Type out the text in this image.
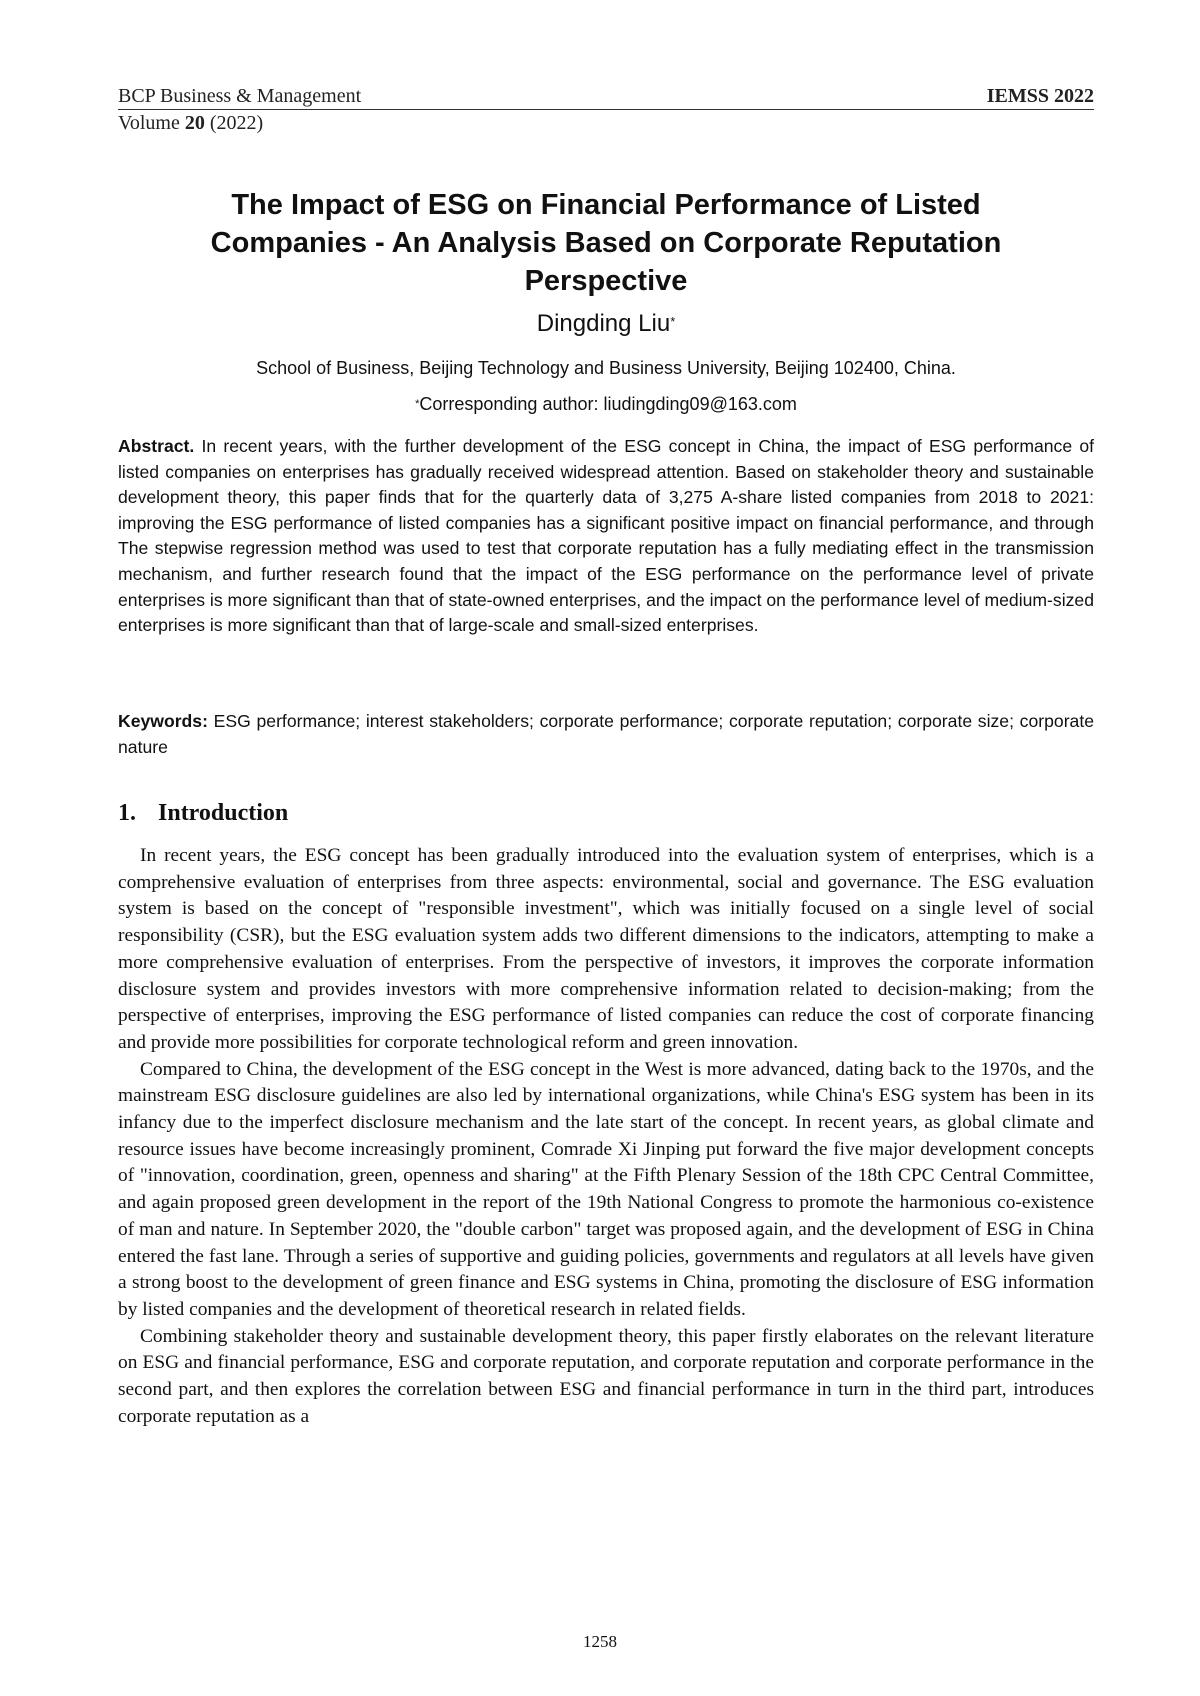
BCP Business & Management	IEMSS 2022
Volume 20 (2022)
The Impact of ESG on Financial Performance of Listed
Companies - An Analysis Based on Corporate Reputation
Perspective
Dingding Liu*
School of Business, Beijing Technology and Business University, Beijing 102400, China.
*Corresponding author: liudingding09@163.com
Abstract. In recent years, with the further development of the ESG concept in China, the impact of ESG performance of listed companies on enterprises has gradually received widespread attention. Based on stakeholder theory and sustainable development theory, this paper finds that for the quarterly data of 3,275 A-share listed companies from 2018 to 2021: improving the ESG performance of listed companies has a significant positive impact on financial performance, and through The stepwise regression method was used to test that corporate reputation has a fully mediating effect in the transmission mechanism, and further research found that the impact of the ESG performance on the performance level of private enterprises is more significant than that of state-owned enterprises, and the impact on the performance level of medium-sized enterprises is more significant than that of large-scale and small-sized enterprises.
Keywords: ESG performance; interest stakeholders; corporate performance; corporate reputation; corporate size; corporate nature
1. Introduction

In recent years, the ESG concept has been gradually introduced into the evaluation system of enterprises, which is a comprehensive evaluation of enterprises from three aspects: environmental, social and governance. The ESG evaluation system is based on the concept of "responsible investment", which was initially focused on a single level of social responsibility (CSR), but the ESG evaluation system adds two different dimensions to the indicators, attempting to make a more comprehensive evaluation of enterprises. From the perspective of investors, it improves the corporate information disclosure system and provides investors with more comprehensive information related to decision-making; from the perspective of enterprises, improving the ESG performance of listed companies can reduce the cost of corporate financing and provide more possibilities for corporate technological reform and green innovation.

Compared to China, the development of the ESG concept in the West is more advanced, dating back to the 1970s, and the mainstream ESG disclosure guidelines are also led by international organizations, while China's ESG system has been in its infancy due to the imperfect disclosure mechanism and the late start of the concept. In recent years, as global climate and resource issues have become increasingly prominent, Comrade Xi Jinping put forward the five major development concepts of "innovation, coordination, green, openness and sharing" at the Fifth Plenary Session of the 18th CPC Central Committee, and again proposed green development in the report of the 19th National Congress to promote the harmonious co-existence of man and nature. In September 2020, the "double carbon" target was proposed again, and the development of ESG in China entered the fast lane. Through a series of supportive and guiding policies, governments and regulators at all levels have given a strong boost to the development of green finance and ESG systems in China, promoting the disclosure of ESG information by listed companies and the development of theoretical research in related fields.

Combining stakeholder theory and sustainable development theory, this paper firstly elaborates on the relevant literature on ESG and financial performance, ESG and corporate reputation, and corporate reputation and corporate performance in the second part, and then explores the correlation between ESG and financial performance in turn in the third part, introduces corporate reputation as a

1258
